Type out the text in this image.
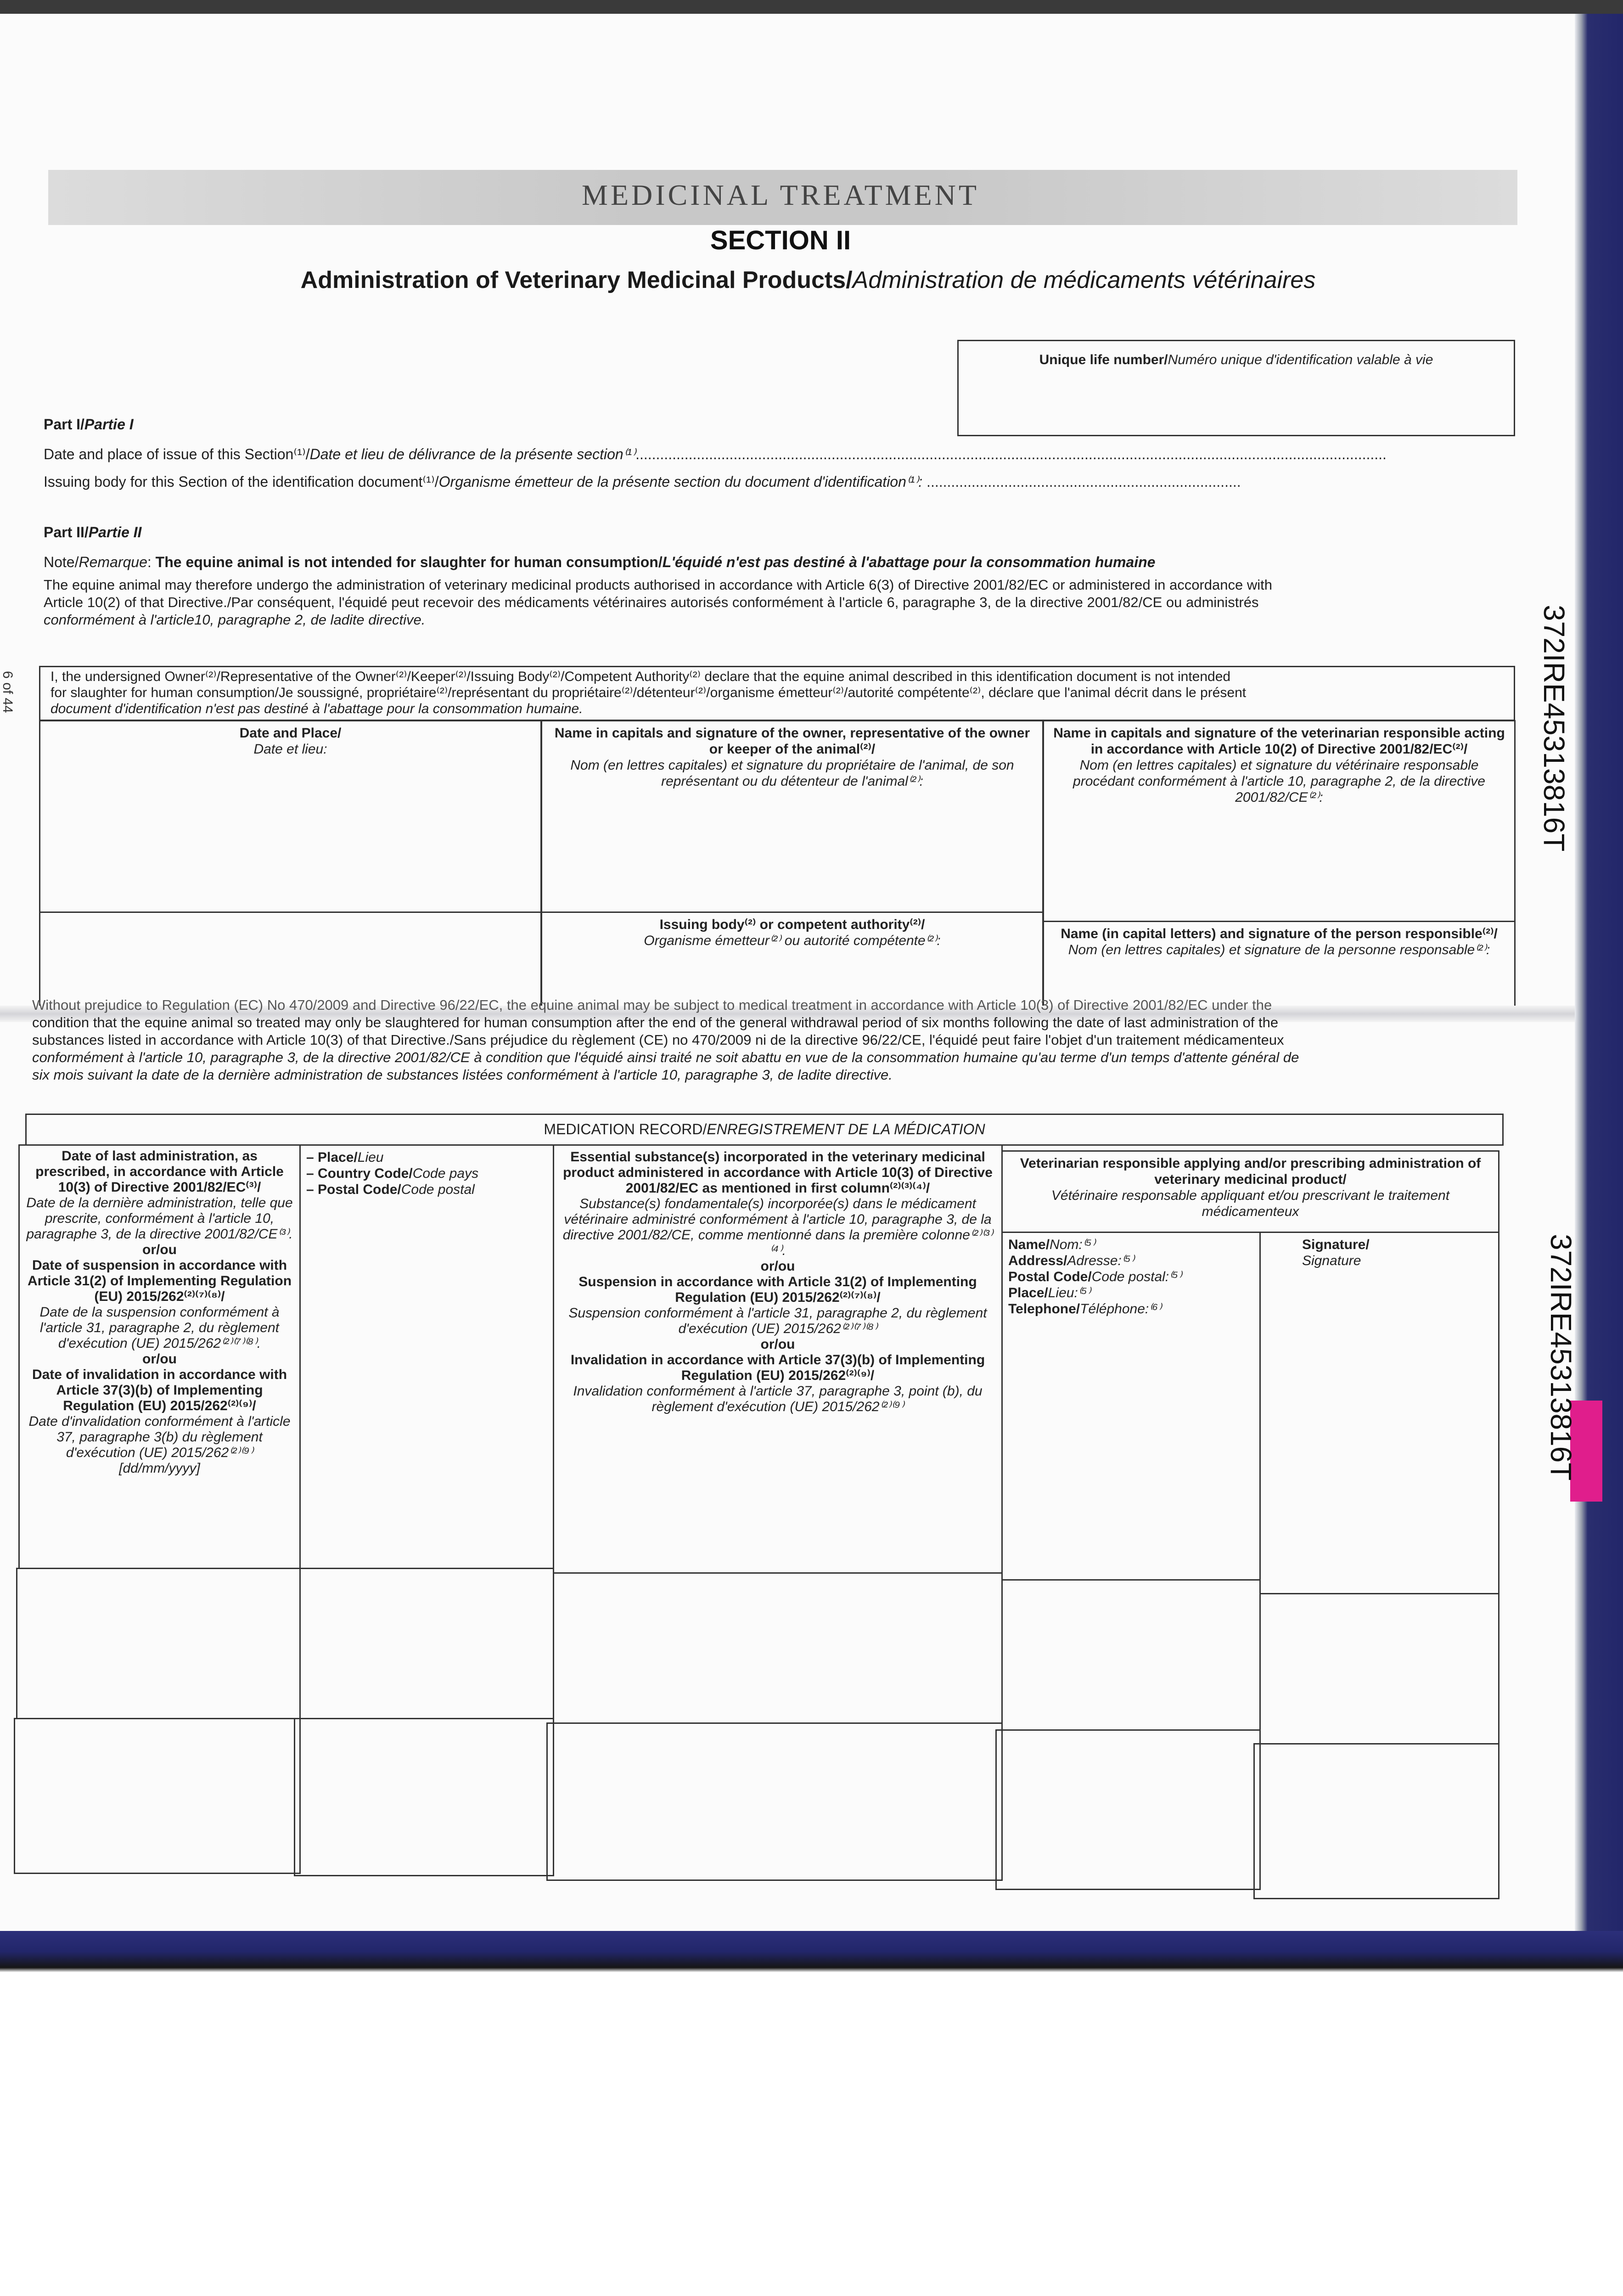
MEDICINAL TREATMENT
SECTION II
Administration of Veterinary Medicinal Products/Administration de médicaments vétérinaires
Unique life number/Numéro unique d'identification valable à vie
Part I/Partie I
Date and place of issue of this Section⁽¹⁾/Date et lieu de délivrance de la présente section⁽¹⁾........................................................................................................................................................................................
Issuing body for this Section of the identification document⁽¹⁾/Organisme émetteur de la présente section du document d'identification⁽¹⁾: .............................................................................
Part II/Partie II
Note/Remarque: The equine animal is not intended for slaughter for human consumption/L'équidé n'est pas destiné à l'abattage pour la consommation humaine
The equine animal may therefore undergo the administration of veterinary medicinal products authorised in accordance with Article 6(3) of Directive 2001/82/EC or administered in accordance with
Article 10(2) of that Directive./Par conséquent, l'équidé peut recevoir des médicaments vétérinaires autorisés conformément à l'article 6, paragraphe 3, de la directive 2001/82/CE ou administrés
conformément à l'article10, paragraphe 2, de ladite directive.
I, the undersigned Owner⁽²⁾/Representative of the Owner⁽²⁾/Keeper⁽²⁾/Issuing Body⁽²⁾/Competent Authority⁽²⁾ declare that the equine animal described in this identification document is not intended
for slaughter for human consumption/Je soussigné, propriétaire⁽²⁾/représentant du propriétaire⁽²⁾/détenteur⁽²⁾/organisme émetteur⁽²⁾/autorité compétente⁽²⁾, déclare que l'animal décrit dans le présent
document d'identification n'est pas destiné à l'abattage pour la consommation humaine.
Date and Place/
Date et lieu:
Name in capitals and signature of the owner, representative of the owner or keeper of the animal⁽²⁾/
Nom (en lettres capitales) et signature du propriétaire de l'animal, de son représentant ou du détenteur de l'animal⁽²⁾:
Name in capitals and signature of the veterinarian responsible acting in accordance with Article 10(2) of Directive 2001/82/EC⁽²⁾/
Nom (en lettres capitales) et signature du vétérinaire responsable procédant conformément à l'article 10, paragraphe 2, de la directive 2001/82/CE⁽²⁾:
Issuing body⁽²⁾ or competent authority⁽²⁾/
Organisme émetteur⁽²⁾ ou autorité compétente⁽²⁾:	Name (in capital letters) and signature of the person responsible⁽²⁾/
Nom (en lettres capitales) et signature de la personne responsable⁽²⁾:
Without prejudice to Regulation (EC) No 470/2009 and Directive 96/22/EC, the equine animal may be subject to medical treatment in accordance with Article 10(3) of Directive 2001/82/EC under the
condition that the equine animal so treated may only be slaughtered for human consumption after the end of the general withdrawal period of six months following the date of last administration of the
substances listed in accordance with Article 10(3) of that Directive./Sans préjudice du règlement (CE) no 470/2009 ni de la directive 96/22/CE, l'équidé peut faire l'objet d'un traitement médicamenteux
conformément à l'article 10, paragraphe 3, de la directive 2001/82/CE à condition que l'équidé ainsi traité ne soit abattu en vue de la consommation humaine qu'au terme d'un temps d'attente général de
six mois suivant la date de la dernière administration de substances listées conformément à l'article 10, paragraphe 3, de ladite directive.
MEDICATION RECORD/ENREGISTREMENT DE LA MÉDICATION
Date of last administration, as prescribed, in accordance with Article 10(3) of Directive 2001/82/EC⁽³⁾/
Date de la dernière administration, telle que prescrite, conformément à l'article 10, paragraphe 3, de la directive 2001/82/CE⁽³⁾.
or/ou
Date of suspension in accordance with Article 31(2) of Implementing Regulation (EU) 2015/262⁽²⁾⁽⁷⁾⁽⁸⁾/
Date de la suspension conformément à l'article 31, paragraphe 2, du règlement d'exécution (UE) 2015/262⁽²⁾⁽⁷⁾⁽⁸⁾.
or/ou
Date of invalidation in accordance with Article 37(3)(b) of Implementing Regulation (EU) 2015/262⁽²⁾⁽⁹⁾/
Date d'invalidation conformément à l'article 37, paragraphe 3(b) du règlement d'exécution (UE) 2015/262⁽²⁾⁽⁹⁾
[dd/mm/yyyy]
– Place/Lieu
– Country Code/Code pays
– Postal Code/Code postal
Essential substance(s) incorporated in the veterinary medicinal product administered in accordance with Article 10(3) of Directive 2001/82/EC as mentioned in first column⁽²⁾⁽³⁾⁽⁴⁾/
Substance(s) fondamentale(s) incorporée(s) dans le médicament vétérinaire administré conformément à l'article 10, paragraphe 3, de la directive 2001/82/CE, comme mentionné dans la première colonne⁽²⁾⁽³⁾⁽⁴⁾.
or/ou
Suspension in accordance with Article 31(2) of Implementing Regulation (EU) 2015/262⁽²⁾⁽⁷⁾⁽⁸⁾/
Suspension conformément à l'article 31, paragraphe 2, du règlement d'exécution (UE) 2015/262⁽²⁾⁽⁷⁾⁽⁸⁾
or/ou
Invalidation in accordance with Article 37(3)(b) of Implementing Regulation (EU) 2015/262⁽²⁾⁽⁹⁾/
Invalidation conformément à l'article 37, paragraphe 3, point (b), du règlement d'exécution (UE) 2015/262⁽²⁾⁽⁹⁾
Veterinarian responsible applying and/or prescribing administration of veterinary medicinal product/
Vétérinaire responsable appliquant et/ou prescrivant le traitement médicamenteux
Name/Nom:⁽⁵⁾
Address/Adresse:⁽⁵⁾
Postal Code/Code postal:⁽⁵⁾
Place/Lieu:⁽⁵⁾
Telephone/Téléphone:⁽⁶⁾
Signature/
Signature
372IRE453138​16T
372IRE453138​16T
6 of 44
